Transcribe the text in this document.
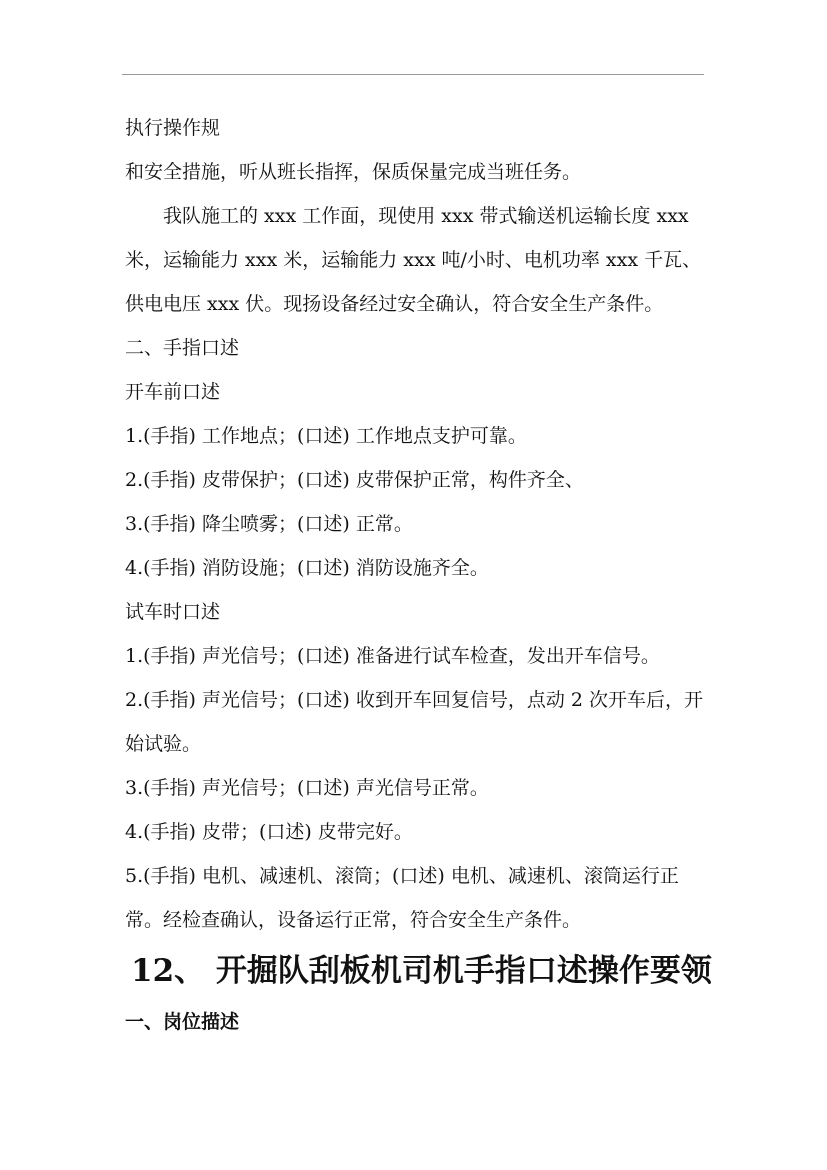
执行操作规

和安全措施，听从班长指挥，保质保量完成当班任务。

我队施工的 xxx 工作面，现使用 xxx 带式输送机运输长度 xxx 米，运输能力 xxx 米，运输能力 xxx 吨/小时、电机功率 xxx 千瓦、供电电压 xxx 伏。现扬设备经过安全确认，符合安全生产条件。

二、手指口述

开车前口述

1.(手指) 工作地点；(口述) 工作地点支护可靠。

2.(手指) 皮带保护；(口述) 皮带保护正常，构件齐全、

3.(手指) 降尘喷雾；(口述) 正常。

4.(手指) 消防设施；(口述) 消防设施齐全。

试车时口述

1.(手指) 声光信号；(口述) 准备进行试车检查，发出开车信号。

2.(手指) 声光信号；(口述) 收到开车回复信号，点动 2 次开车后，开始试验。

3.(手指) 声光信号；(口述) 声光信号正常。

4.(手指) 皮带；(口述) 皮带完好。

5.(手指) 电机、减速机、滚筒；(口述) 电机、减速机、滚筒运行正常。经检查确认，设备运行正常，符合安全生产条件。

12、 开掘队刮板机司机手指口述操作要领

一、岗位描述
